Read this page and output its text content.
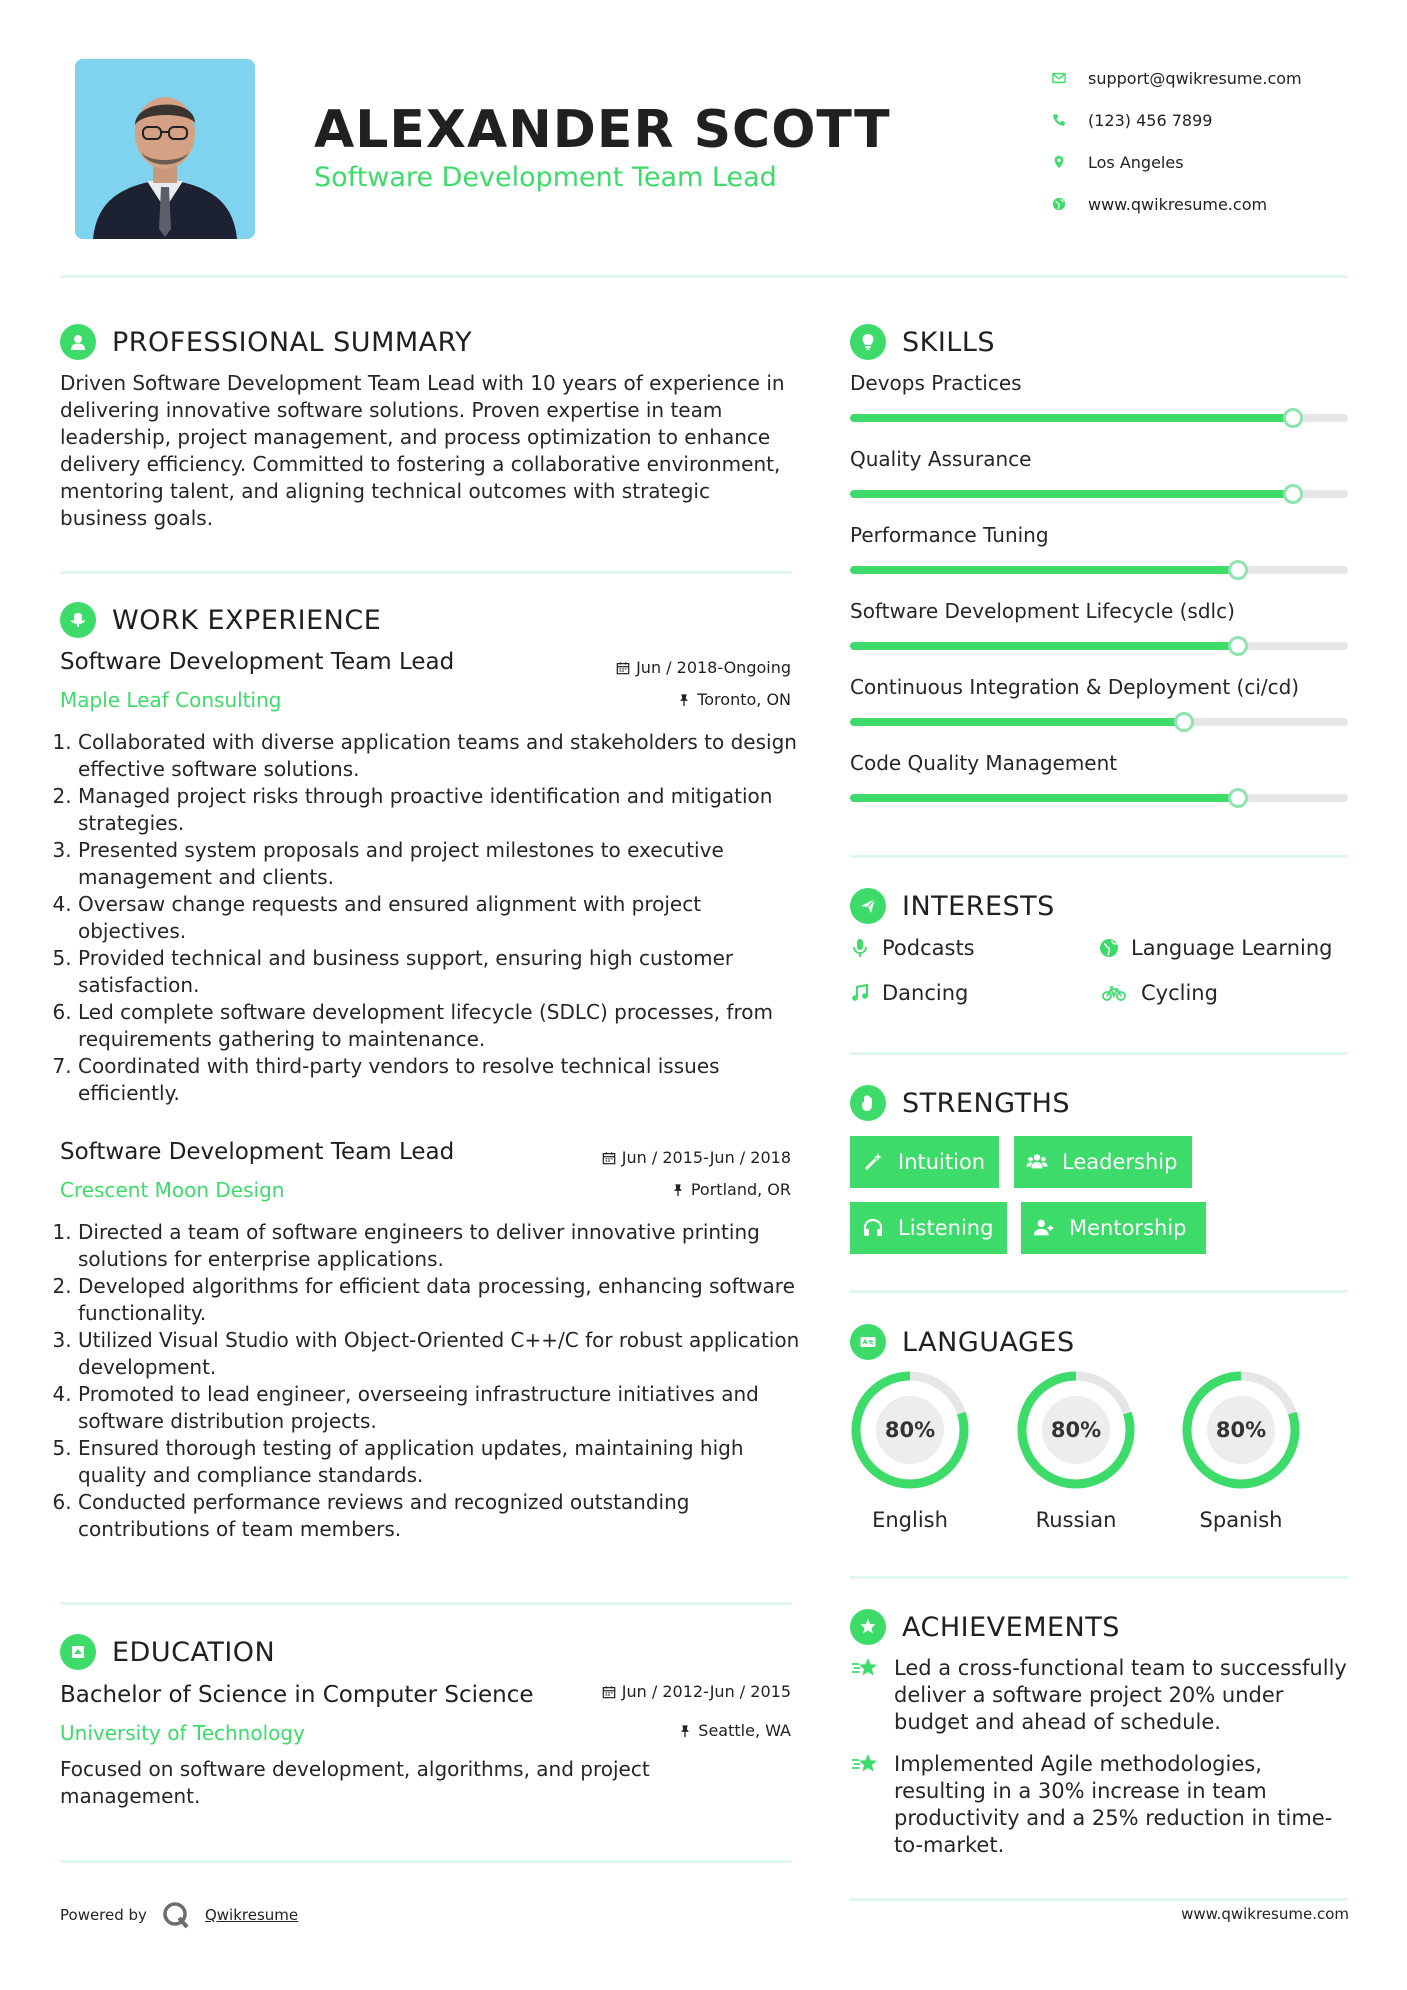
ALEXANDER SCOTT
Software Development Team Lead
support@qwikresume.com
(123) 456 7899
Los Angeles
www.qwikresume.com
PROFESSIONAL SUMMARY
Driven Software Development Team Lead with 10 years of experience in delivering innovative software solutions. Proven expertise in team leadership, project management, and process optimization to enhance delivery efficiency. Committed to fostering a collaborative environment, mentoring talent, and aligning technical outcomes with strategic business goals.
WORK EXPERIENCE
Software Development Team Lead
Maple Leaf Consulting
Jun / 2018-Ongoing
Toronto, ON
1. Collaborated with diverse application teams and stakeholders to design effective software solutions.
2. Managed project risks through proactive identification and mitigation strategies.
3. Presented system proposals and project milestones to executive management and clients.
4. Oversaw change requests and ensured alignment with project objectives.
5. Provided technical and business support, ensuring high customer satisfaction.
6. Led complete software development lifecycle (SDLC) processes, from requirements gathering to maintenance.
7. Coordinated with third-party vendors to resolve technical issues efficiently.
Software Development Team Lead
Crescent Moon Design
Jun / 2015-Jun / 2018
Portland, OR
1. Directed a team of software engineers to deliver innovative printing solutions for enterprise applications.
2. Developed algorithms for efficient data processing, enhancing software functionality.
3. Utilized Visual Studio with Object-Oriented C++/C for robust application development.
4. Promoted to lead engineer, overseeing infrastructure initiatives and software distribution projects.
5. Ensured thorough testing of application updates, maintaining high quality and compliance standards.
6. Conducted performance reviews and recognized outstanding contributions of team members.
EDUCATION
Bachelor of Science in Computer Science
University of Technology
Jun / 2012-Jun / 2015
Seattle, WA
Focused on software development, algorithms, and project management.
SKILLS
Devops Practices
Quality Assurance
Performance Tuning
Software Development Lifecycle (sdlc)
Continuous Integration & Deployment (ci/cd)
Code Quality Management
INTERESTS
Podcasts	Language Learning
Dancing	Cycling
STRENGTHS
Intuition	Leadership
Listening	Mentorship
LANGUAGES
80%
English
80%
Russian
80%
Spanish
ACHIEVEMENTS

Led a cross-functional team to successfully deliver a software project 20% under budget and ahead of schedule.

Implemented Agile methodologies, resulting in a 30% increase in team productivity and a 25% reduction in time-to-market.

Powered by	Qwikresume	www.qwikresume.com
